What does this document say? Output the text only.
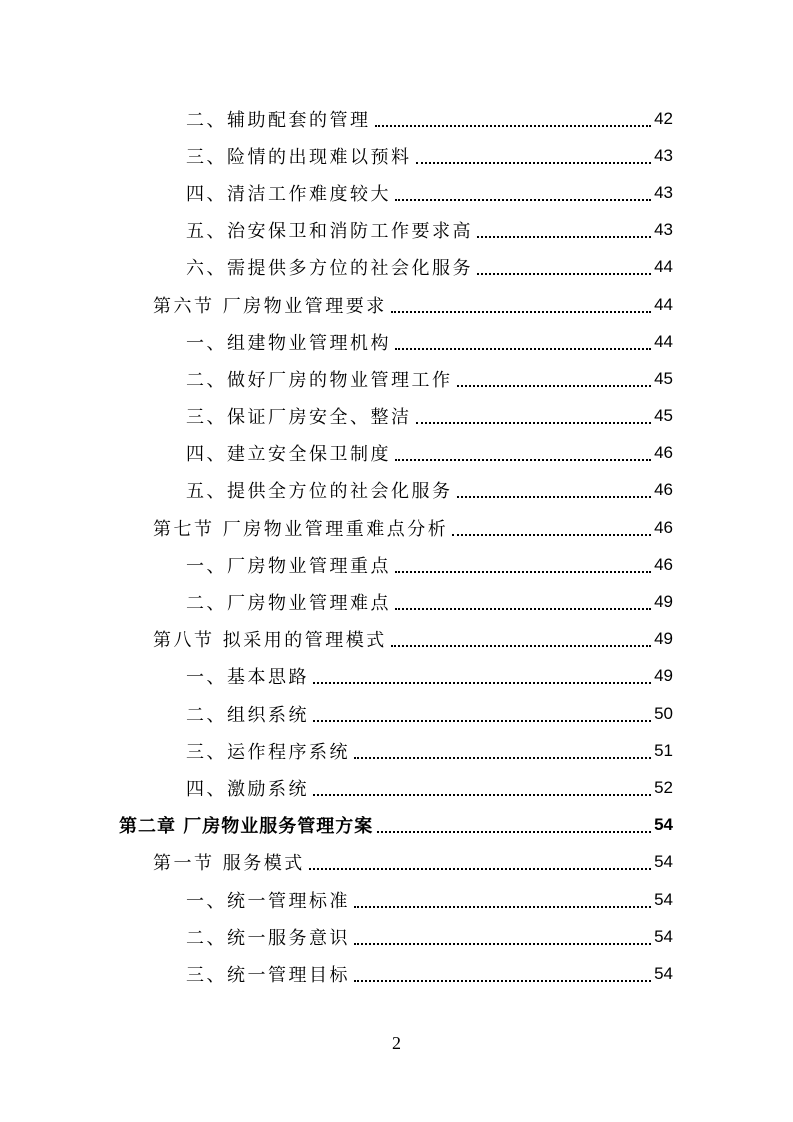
二、辅助配套的管理	42
三、险情的出现难以预料	43
四、清洁工作难度较大	43
五、治安保卫和消防工作要求高	43
六、需提供多方位的社会化服务	44
第六节 厂房物业管理要求	44
一、组建物业管理机构	44
二、做好厂房的物业管理工作	45
三、保证厂房安全、整洁	45
四、建立安全保卫制度	46
五、提供全方位的社会化服务	46
第七节 厂房物业管理重难点分析	46
一、厂房物业管理重点	46
二、厂房物业管理难点	49
第八节 拟采用的管理模式	49
一、基本思路	49
二、组织系统	50
三、运作程序系统	51
四、激励系统	52
第二章 厂房物业服务管理方案	54
第一节 服务模式	54
一、统一管理标准	54
二、统一服务意识	54
三、统一管理目标	54
2
